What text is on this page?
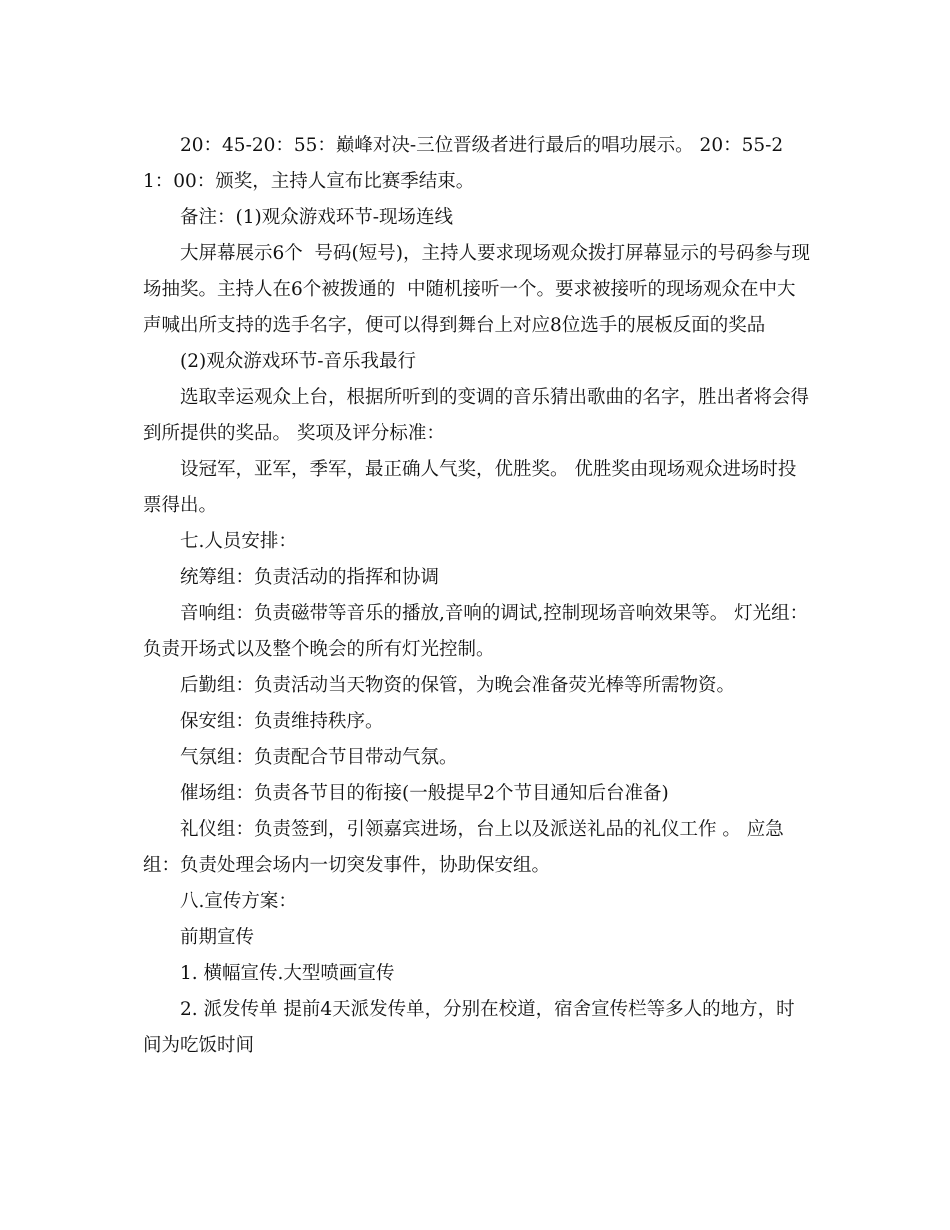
20：45-20：55：巅峰对决-三位晋级者进行最后的唱功展示。 20：55-21：00：颁奖，主持人宣布比赛季结束。

备注：(1)观众游戏环节-现场连线

大屏幕展示6个  号码(短号)，主持人要求现场观众拨打屏幕显示的号码参与现场抽奖。主持人在6个被拨通的  中随机接听一个。要求被接听的现场观众在中大声喊出所支持的选手名字，便可以得到舞台上对应8位选手的展板反面的奖品

(2)观众游戏环节-音乐我最行

选取幸运观众上台，根据所听到的变调的音乐猜出歌曲的名字，胜出者将会得到所提供的奖品。 奖项及评分标准：

设冠军，亚军，季军，最正确人气奖，优胜奖。 优胜奖由现场观众进场时投票得出。

七.人员安排：

统筹组：负责活动的指挥和协调

音响组：负责磁带等音乐的播放,音响的调试,控制现场音响效果等。 灯光组：负责开场式以及整个晚会的所有灯光控制。

后勤组：负责活动当天物资的保管，为晚会准备荧光棒等所需物资。

保安组：负责维持秩序。

气氛组：负责配合节目带动气氛。

催场组：负责各节目的衔接(一般提早2个节目通知后台准备)

礼仪组：负责签到，引领嘉宾进场，台上以及派送礼品的礼仪工作 。 应急组：负责处理会场内一切突发事件，协助保安组。

八.宣传方案：

前期宣传

1. 横幅宣传.大型喷画宣传

2. 派发传单 提前4天派发传单，分别在校道，宿舍宣传栏等多人的地方，时间为吃饭时间
